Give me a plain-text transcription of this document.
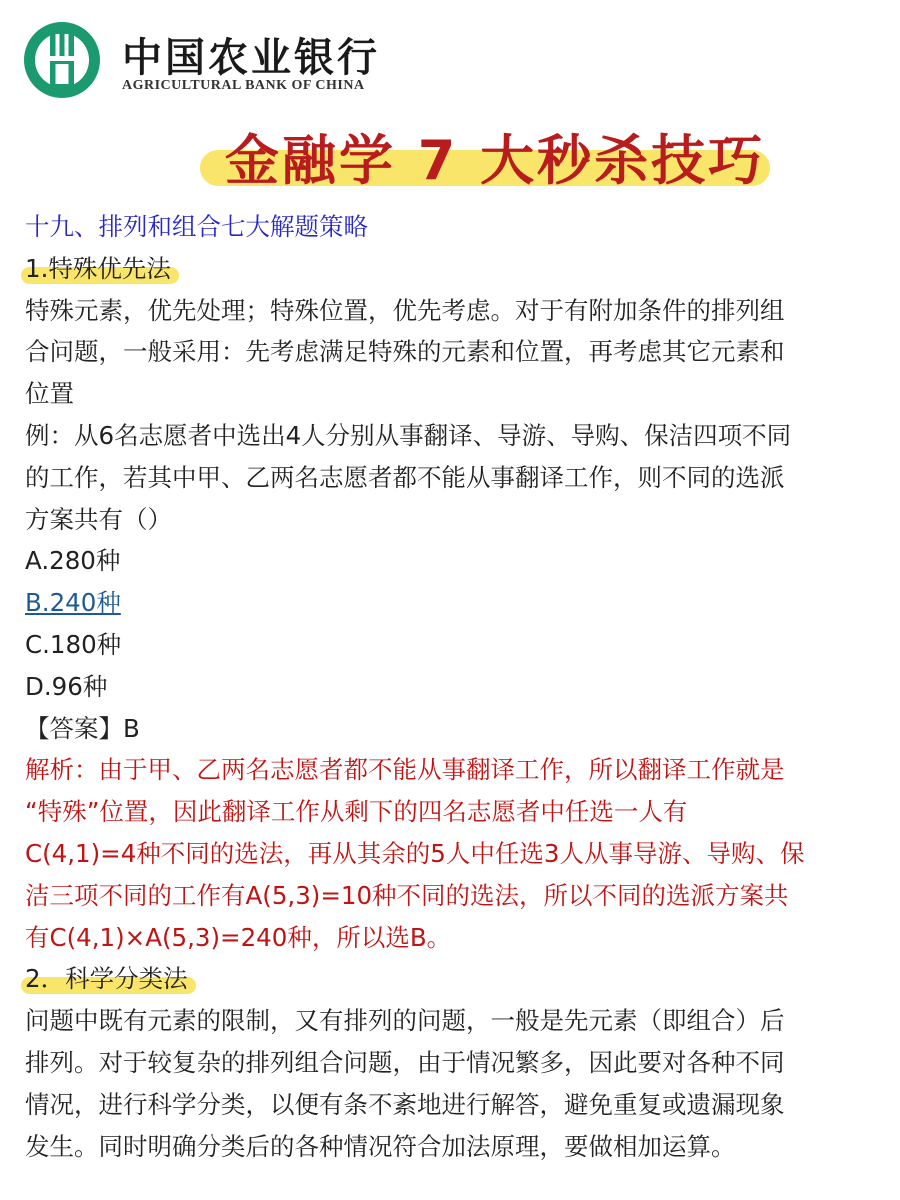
中国农业银行
AGRICULTURAL BANK OF CHINA
金融学 7 大秒杀技巧
十九、排列和组合七大解题策略
1.特殊优先法
特殊元素，优先处理；特殊位置，优先考虑。对于有附加条件的排列组
合问题，一般采用：先考虑满足特殊的元素和位置，再考虑其它元素和
位置
例：从6名志愿者中选出4人分别从事翻译、导游、导购、保洁四项不同
的工作，若其中甲、乙两名志愿者都不能从事翻译工作，则不同的选派
方案共有（）
A.280种
B.240种
C.180种
D.96种
【答案】B
解析：由于甲、乙两名志愿者都不能从事翻译工作，所以翻译工作就是
“特殊”位置，因此翻译工作从剩下的四名志愿者中任选一人有
C(4,1)=4种不同的选法，再从其余的5人中任选3人从事导游、导购、保
洁三项不同的工作有A(5,3)=10种不同的选法，所以不同的选派方案共
有C(4,1)×A(5,3)=240种，所以选B。
2．科学分类法
问题中既有元素的限制，又有排列的问题，一般是先元素（即组合）后
排列。对于较复杂的排列组合问题，由于情况繁多，因此要对各种不同
情况，进行科学分类，以便有条不紊地进行解答，避免重复或遗漏现象
发生。同时明确分类后的各种情况符合加法原理，要做相加运算。
